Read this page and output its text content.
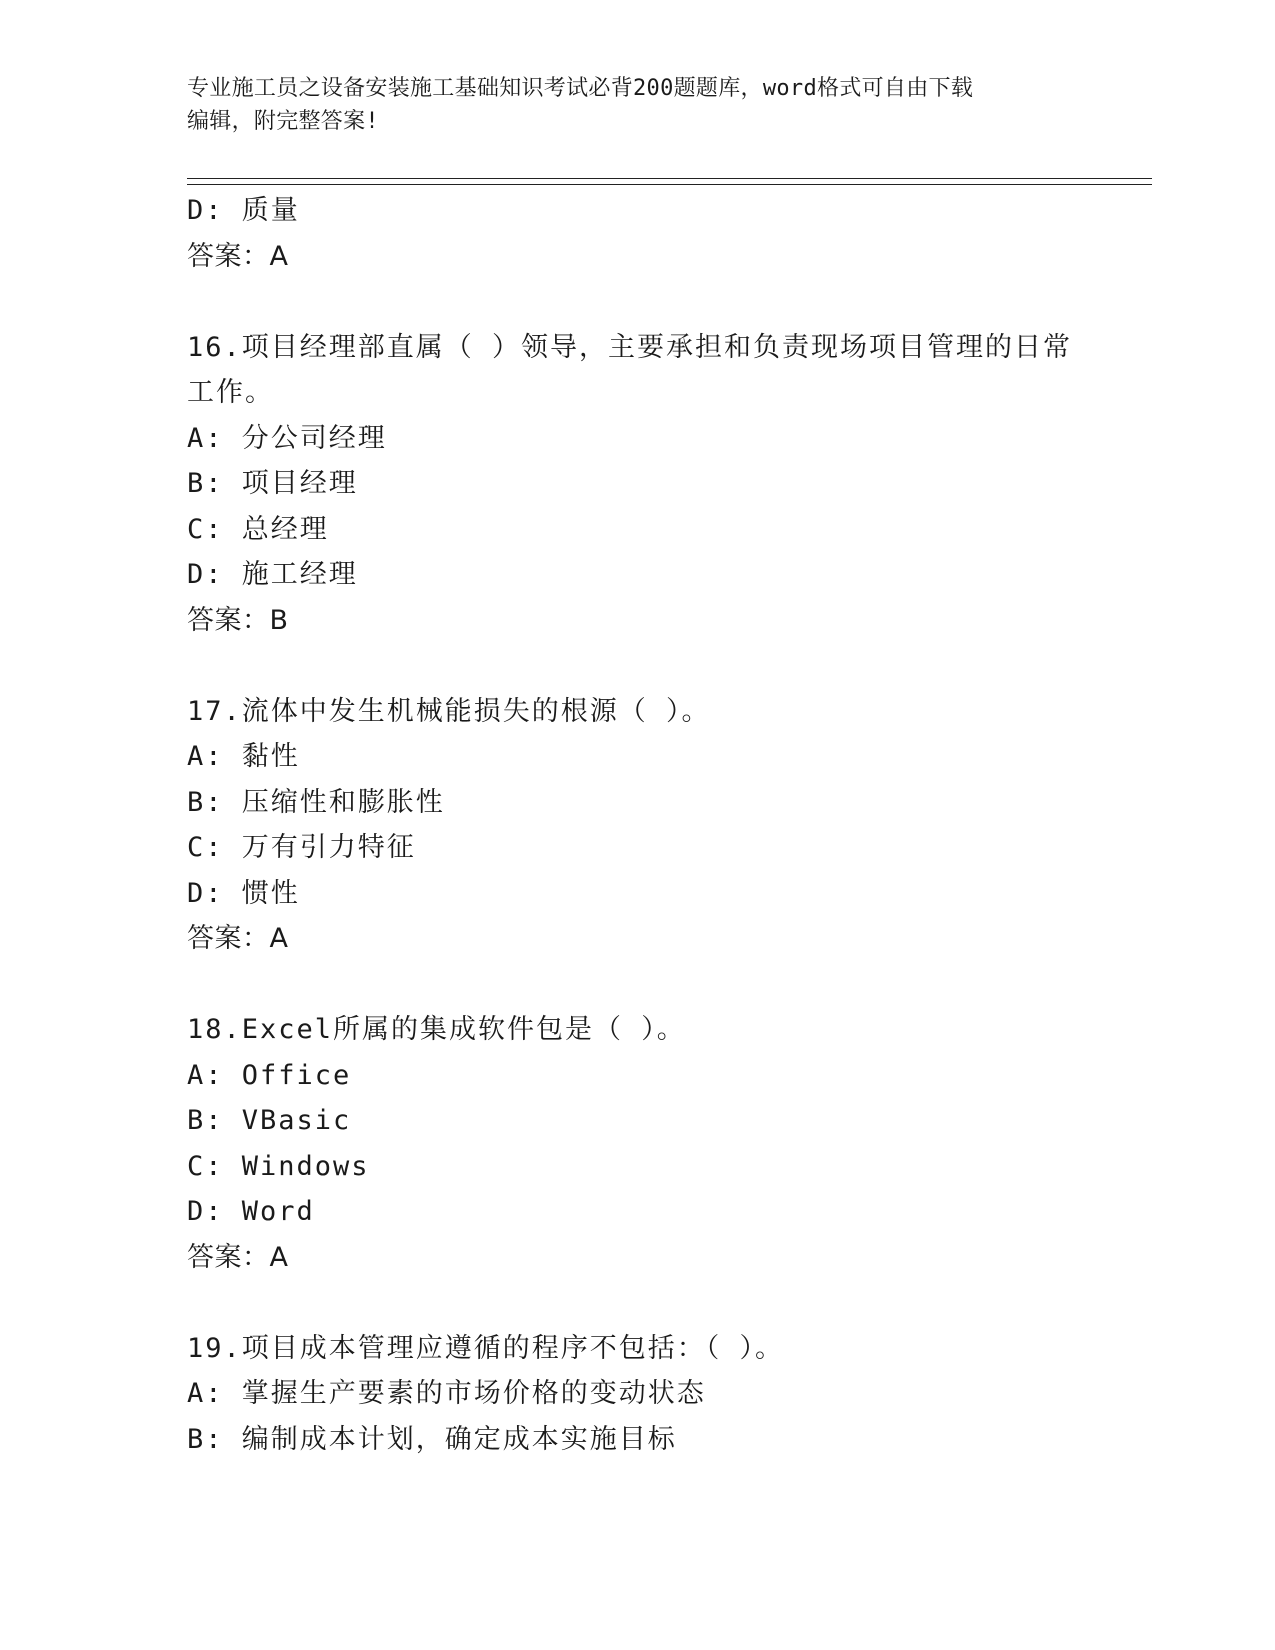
专业施工员之设备安装施工基础知识考试必背200题题库，word格式可自由下载
编辑，附完整答案!
D: 质量
答案：A
16.项目经理部直属（ ）领导，主要承担和负责现场项目管理的日常
工作。
A: 分公司经理
B: 项目经理
C: 总经理
D: 施工经理
答案：B
17.流体中发生机械能损失的根源（ ）。
A: 黏性
B: 压缩性和膨胀性
C: 万有引力特征
D: 惯性
答案：A
18.Excel所属的集成软件包是（ ）。
A: Office
B: VBasic
C: Windows
D: Word
答案：A
19.项目成本管理应遵循的程序不包括：（ ）。
A: 掌握生产要素的市场价格的变动状态
B: 编制成本计划，确定成本实施目标
